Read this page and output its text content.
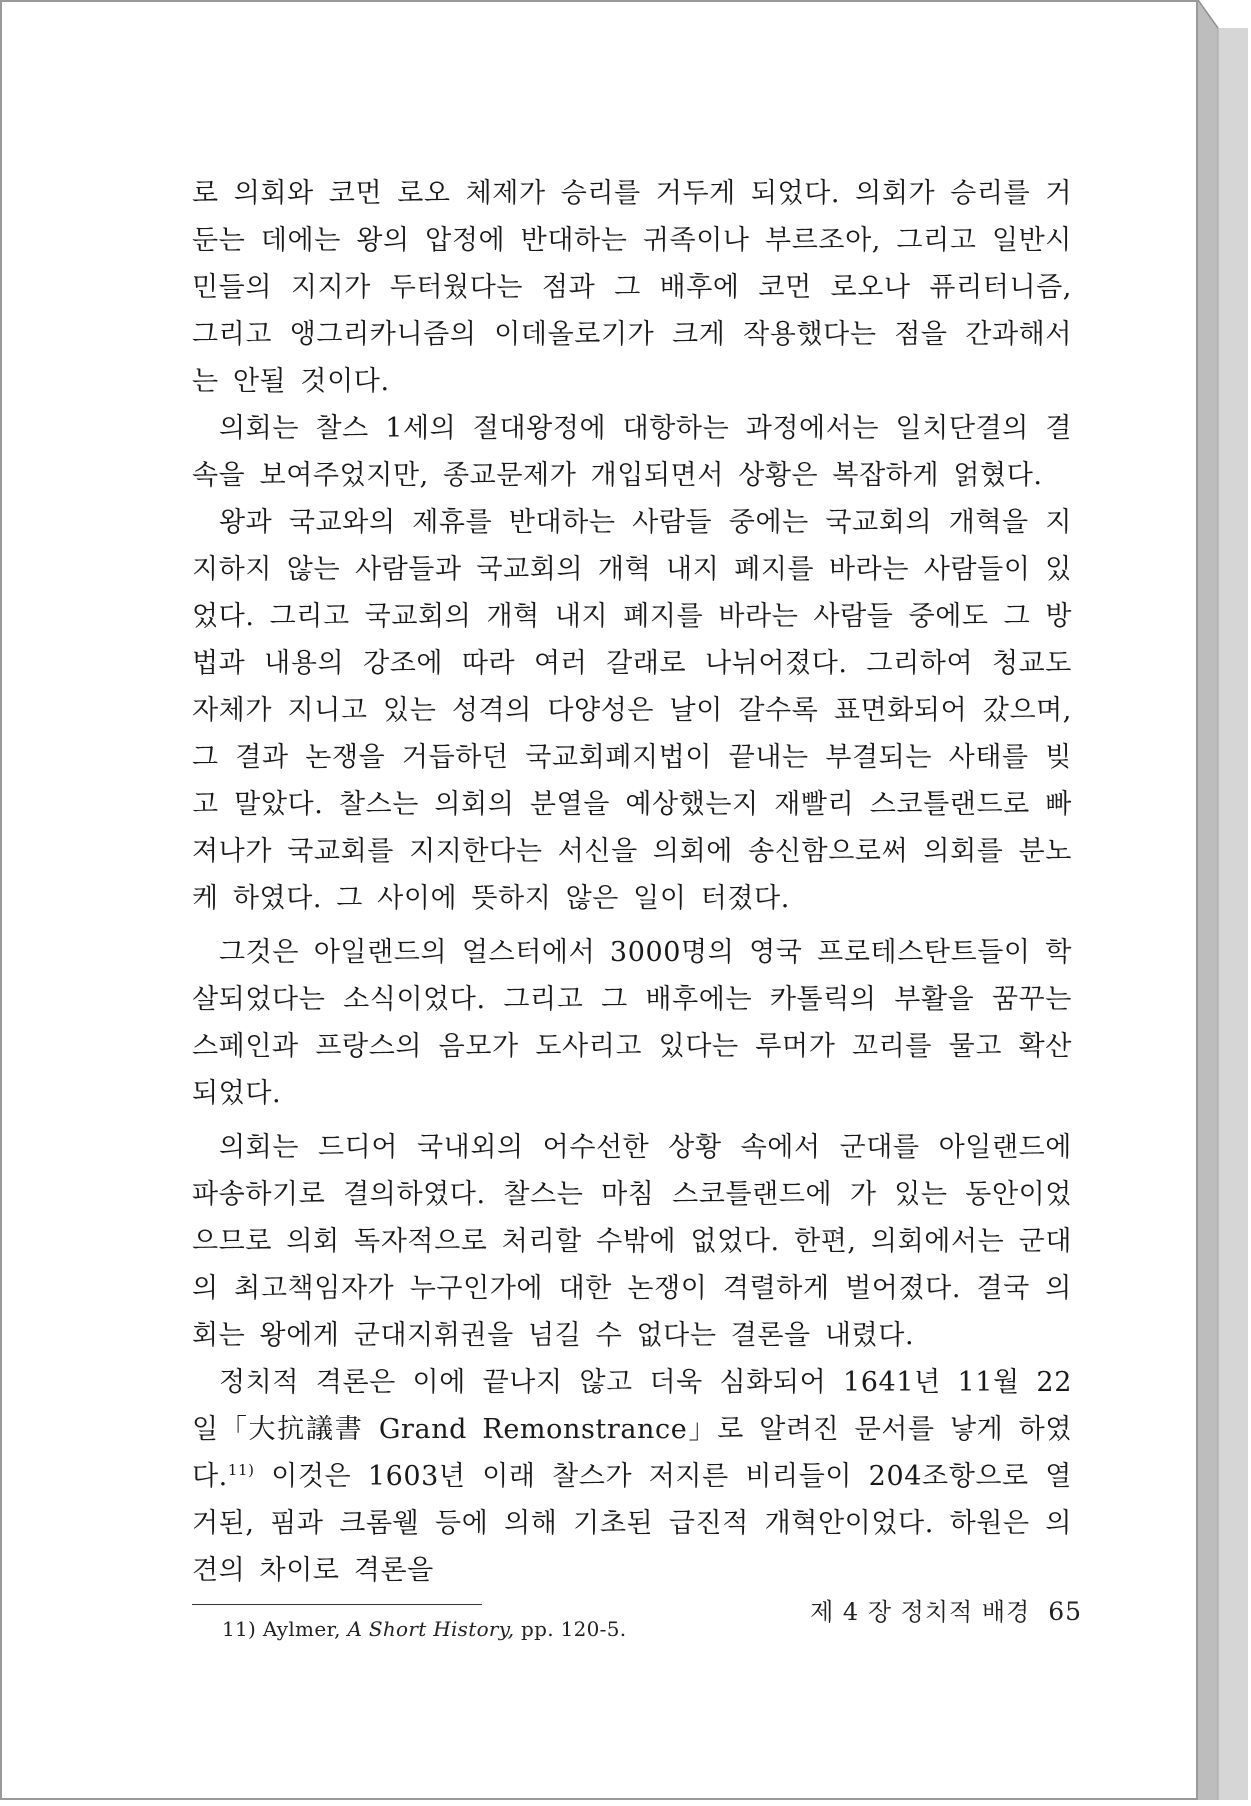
로 의회와 코먼 로오 체제가 승리를 거두게 되었다. 의회가 승리를 거둔는 데에는 왕의 압정에 반대하는 귀족이나 부르조아, 그리고 일반시민들의 지지가 두터웠다는 점과 그 배후에 코먼 로오나 퓨리터니즘, 그리고 앵그리카니즘의 이데올로기가 크게 작용했다는 점을 간과해서는 안될 것이다.

의회는 찰스 1세의 절대왕정에 대항하는 과정에서는 일치단결의 결속을 보여주었지만, 종교문제가 개입되면서 상황은 복잡하게 얽혔다.

왕과 국교와의 제휴를 반대하는 사람들 중에는 국교회의 개혁을 지지하지 않는 사람들과 국교회의 개혁 내지 폐지를 바라는 사람들이 있었다. 그리고 국교회의 개혁 내지 폐지를 바라는 사람들 중에도 그 방법과 내용의 강조에 따라 여러 갈래로 나뉘어졌다. 그리하여 청교도 자체가 지니고 있는 성격의 다양성은 날이 갈수록 표면화되어 갔으며, 그 결과 논쟁을 거듭하던 국교회폐지법이 끝내는 부결되는 사태를 빚고 말았다. 찰스는 의회의 분열을 예상했는지 재빨리 스코틀랜드로 빠져나가 국교회를 지지한다는 서신을 의회에 송신함으로써 의회를 분노케 하였다. 그 사이에 뜻하지 않은 일이 터졌다.

그것은 아일랜드의 얼스터에서 3000명의 영국 프로테스탄트들이 학살되었다는 소식이었다. 그리고 그 배후에는 카톨릭의 부활을 꿈꾸는 스페인과 프랑스의 음모가 도사리고 있다는 루머가 꼬리를 물고 확산되었다.

의회는 드디어 국내외의 어수선한 상황 속에서 군대를 아일랜드에 파송하기로 결의하였다. 찰스는 마침 스코틀랜드에 가 있는 동안이었으므로 의회 독자적으로 처리할 수밖에 없었다. 한편, 의회에서는 군대의 최고책임자가 누구인가에 대한 논쟁이 격렬하게 벌어졌다. 결국 의회는 왕에게 군대지휘권을 넘길 수 없다는 결론을 내렸다.

정치적 격론은 이에 끝나지 않고 더욱 심화되어 1641년 11월 22일「大抗議書 Grand Remonstrance」로 알려진 문서를 낳게 하였다.$^{11)}$ 이것은 1603년 이래 찰스가 저지른 비리들이 204조항으로 열거된, 핌과 크롬웰 등에 의해 기초된 급진적 개혁안이었다. 하원은 의견의 차이로 격론을

11) Aylmer, A Short History, pp. 120-5.

제 4 장 정치적 배경 65
